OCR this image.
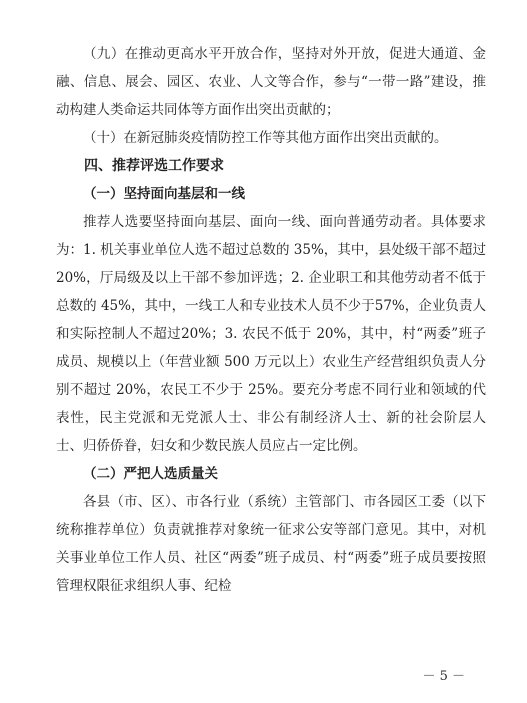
（九）在推动更高水平开放合作，坚持对外开放，促进大通道、金融、信息、展会、园区、农业、人文等合作，参与“一带一路”建设，推动构建人类命运共同体等方面作出突出贡献的；

（十）在新冠肺炎疫情防控工作等其他方面作出突出贡献的。

四、推荐评选工作要求

（一）坚持面向基层和一线

推荐人选要坚持面向基层、面向一线、面向普通劳动者。具体要求为：1. 机关事业单位人选不超过总数的 35%，其中，县处级干部不超过 20%，厅局级及以上干部不参加评选；2. 企业职工和其他劳动者不低于总数的 45%，其中，一线工人和专业技术人员不少于57%，企业负责人和实际控制人不超过20%；3. 农民不低于 20%，其中，村“两委”班子成员、规模以上（年营业额 500 万元以上）农业生产经营组织负责人分别不超过 20%，农民工不少于 25%。要充分考虑不同行业和领域的代表性，民主党派和无党派人士、非公有制经济人士、新的社会阶层人士、归侨侨眷，妇女和少数民族人员应占一定比例。

（二）严把人选质量关

各县（市、区）、市各行业（系统）主管部门、市各园区工委（以下统称推荐单位）负责就推荐对象统一征求公安等部门意见。其中，对机关事业单位工作人员、社区“两委”班子成员、村“两委”班子成员要按照管理权限征求组织人事、纪检

－ 5 －
